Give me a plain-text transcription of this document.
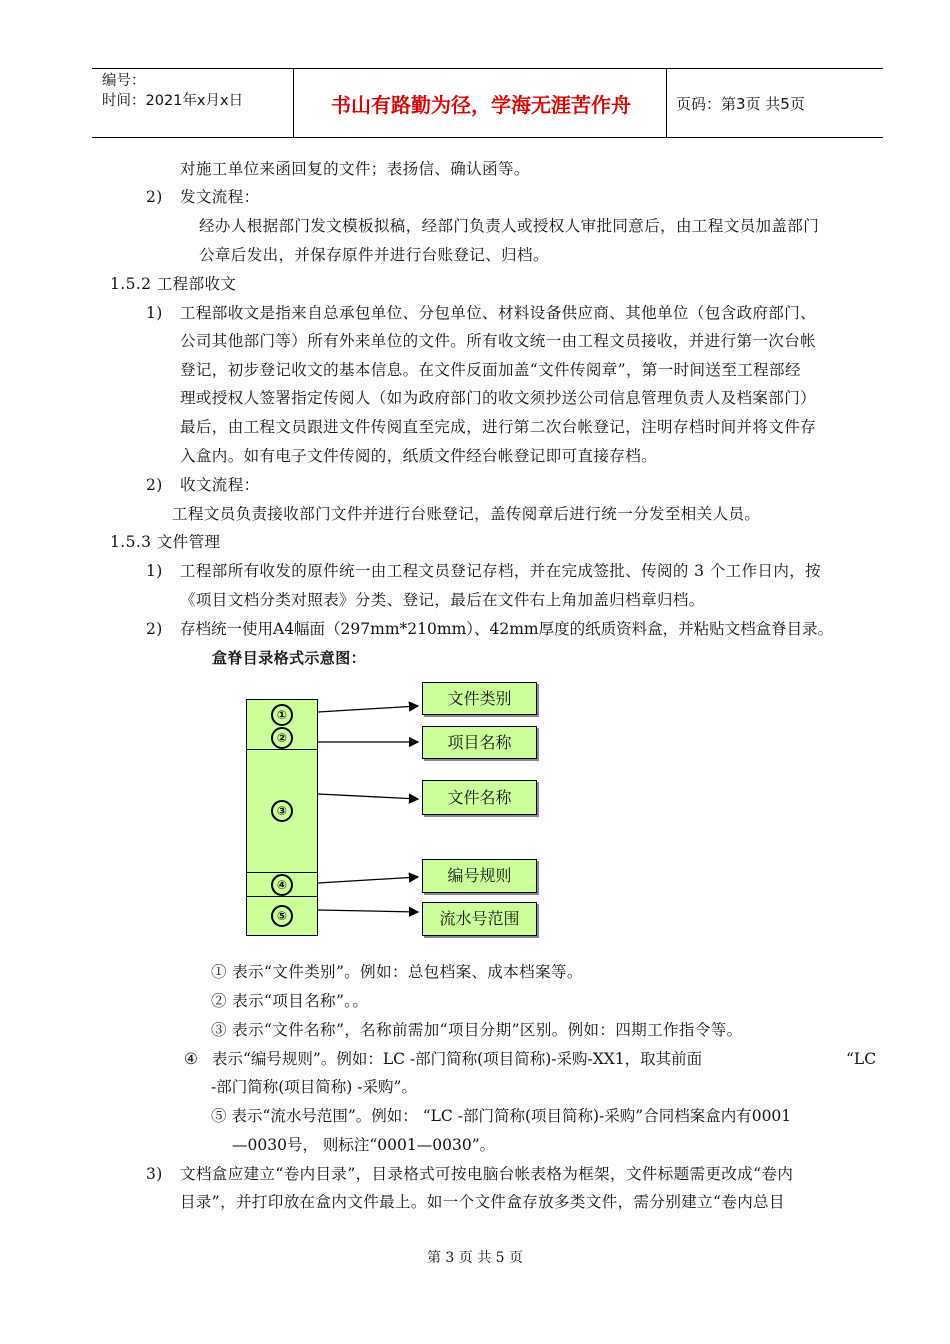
编号：
时间：2021年x月x日	书山有路勤为径，学海无涯苦作舟	页码：第3页 共5页
对施工单位来函回复的文件；表扬信、确认函等。
2) 发文流程：
经办人根据部门发文模板拟稿，经部门负责人或授权人审批同意后，由工程文员加盖部门
公章后发出，并保存原件并进行台账登记、归档。
1.5.2 工程部收文
1) 工程部收文是指来自总承包单位、分包单位、材料设备供应商、其他单位（包含政府部门、
公司其他部门等）所有外来单位的文件。所有收文统一由工程文员接收，并进行第一次台帐
登记，初步登记收文的基本信息。在文件反面加盖“文件传阅章”，第一时间送至工程部经
理或授权人签署指定传阅人（如为政府部门的收文须抄送公司信息管理负责人及档案部门）
最后，由工程文员跟进文件传阅直至完成，进行第二次台帐登记，注明存档时间并将文件存
入盒内。如有电子文件传阅的，纸质文件经台帐登记即可直接存档。
2) 收文流程：
工程文员负责接收部门文件并进行台账登记，盖传阅章后进行统一分发至相关人员。
1.5.3 文件管理
1) 工程部所有收发的原件统一由工程文员登记存档，并在完成签批、传阅的 3 个工作日内，按
《项目文档分类对照表》分类、登记，最后在文件右上角加盖归档章归档。
2) 存档统一使用A4幅面（297mm*210mm）、42mm厚度的纸质资料盒，并粘贴文档盒脊目录。
盒脊目录格式示意图：
①
②
③
④
⑤
文件类别
项目名称
文件名称
编号规则
流水号范围
① 表示“文件类别”。例如：总包档案、成本档案等。
② 表示“项目名称”。。
③ 表示“文件名称”，名称前需加“项目分期”区别。例如：四期工作指令等。
④ 表示“编号规则”。例如：LC -部门简称(项目简称)-采购-XX1，取其前面	“LC
-部门简称(项目简称) -采购”。
⑤ 表示“流水号范围”。例如： “LC -部门简称(项目简称)-采购”合同档案盒内有0001
—0030号， 则标注“0001—0030”。
3) 文档盒应建立“卷内目录”，目录格式可按电脑台帐表格为框架，文件标题需更改成“卷内
目录”，并打印放在盒内文件最上。如一个文件盒存放多类文件，需分别建立“卷内总目
第 3 页 共 5 页
